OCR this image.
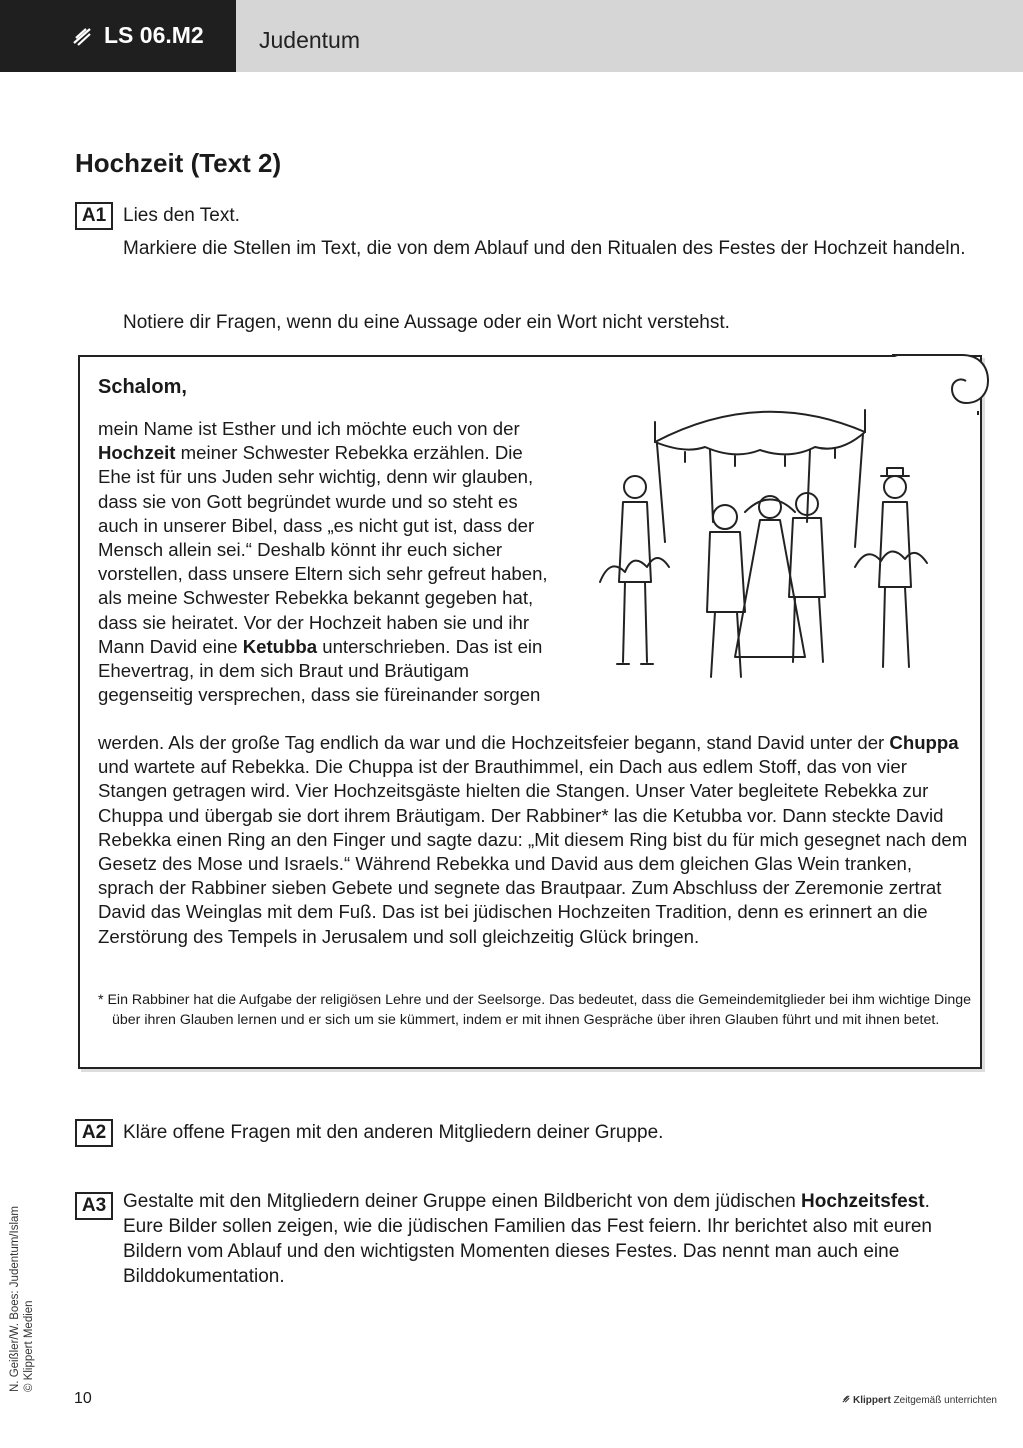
LS 06.M2 Judentum
Hochzeit (Text 2)
A1 Lies den Text.
Markiere die Stellen im Text, die von dem Ablauf und den Ritualen des Festes der Hochzeit handeln.
Notiere dir Fragen, wenn du eine Aussage oder ein Wort nicht verstehst.
Schalom,

mein Name ist Esther und ich möchte euch von der Hochzeit meiner Schwester Rebekka erzählen. Die Ehe ist für uns Juden sehr wichtig, denn wir glauben, dass sie von Gott begründet wurde und so steht es auch in unserer Bibel, dass „es nicht gut ist, dass der Mensch allein sei.“ Deshalb könnt ihr euch sicher vorstellen, dass unsere Eltern sich sehr gefreut haben, als meine Schwester Rebekka bekannt gegeben hat, dass sie heiratet. Vor der Hochzeit haben sie und ihr Mann David eine Ketubba unterschrieben. Das ist ein Ehevertrag, in dem sich Braut und Bräutigam gegenseitig versprechen, dass sie füreinander sorgen

werden. Als der große Tag endlich da war und die Hochzeitsfeier begann, stand David unter der Chuppa und wartete auf Rebekka. Die Chuppa ist der Brauthimmel, ein Dach aus edlem Stoff, das von vier Stangen getragen wird. Vier Hochzeitsgäste hielten die Stangen. Unser Vater begleitete Rebekka zur Chuppa und übergab sie dort ihrem Bräutigam. Der Rabbiner* las die Ketubba vor. Dann steckte David Rebekka einen Ring an den Finger und sagte dazu: „Mit diesem Ring bist du für mich gesegnet nach dem Gesetz des Mose und Israels.“ Während Rebekka und David aus dem gleichen Glas Wein tranken, sprach der Rabbiner sieben Gebete und segnete das Brautpaar. Zum Abschluss der Zeremonie zertrat David das Weinglas mit dem Fuß. Das ist bei jüdischen Hochzeiten Tradition, denn es erinnert an die Zerstörung des Tempels in Jerusalem und soll gleichzeitig Glück bringen.

* Ein Rabbiner hat die Aufgabe der religiösen Lehre und der Seelsorge. Das bedeutet, dass die Gemeindemitglieder bei ihm wichtige Dinge über ihren Glauben lernen und er sich um sie kümmert, indem er mit ihnen Gespräche über ihren Glauben führt und mit ihnen betet.

A2 Kläre offene Fragen mit den anderen Mitgliedern deiner Gruppe.
A3 Gestalte mit den Mitgliedern deiner Gruppe einen Bildbericht von dem jüdischen Hochzeitsfest. Eure Bilder sollen zeigen, wie die jüdischen Familien das Fest feiern. Ihr berichtet also mit euren Bildern vom Ablauf und den wichtigsten Momenten dieses Festes. Das nennt man auch eine Bilddokumentation.
N. Geißler/W. Boes: Judentum/Islam © Klippert Medien
10	Klippert Zeitgemäß unterrichten
